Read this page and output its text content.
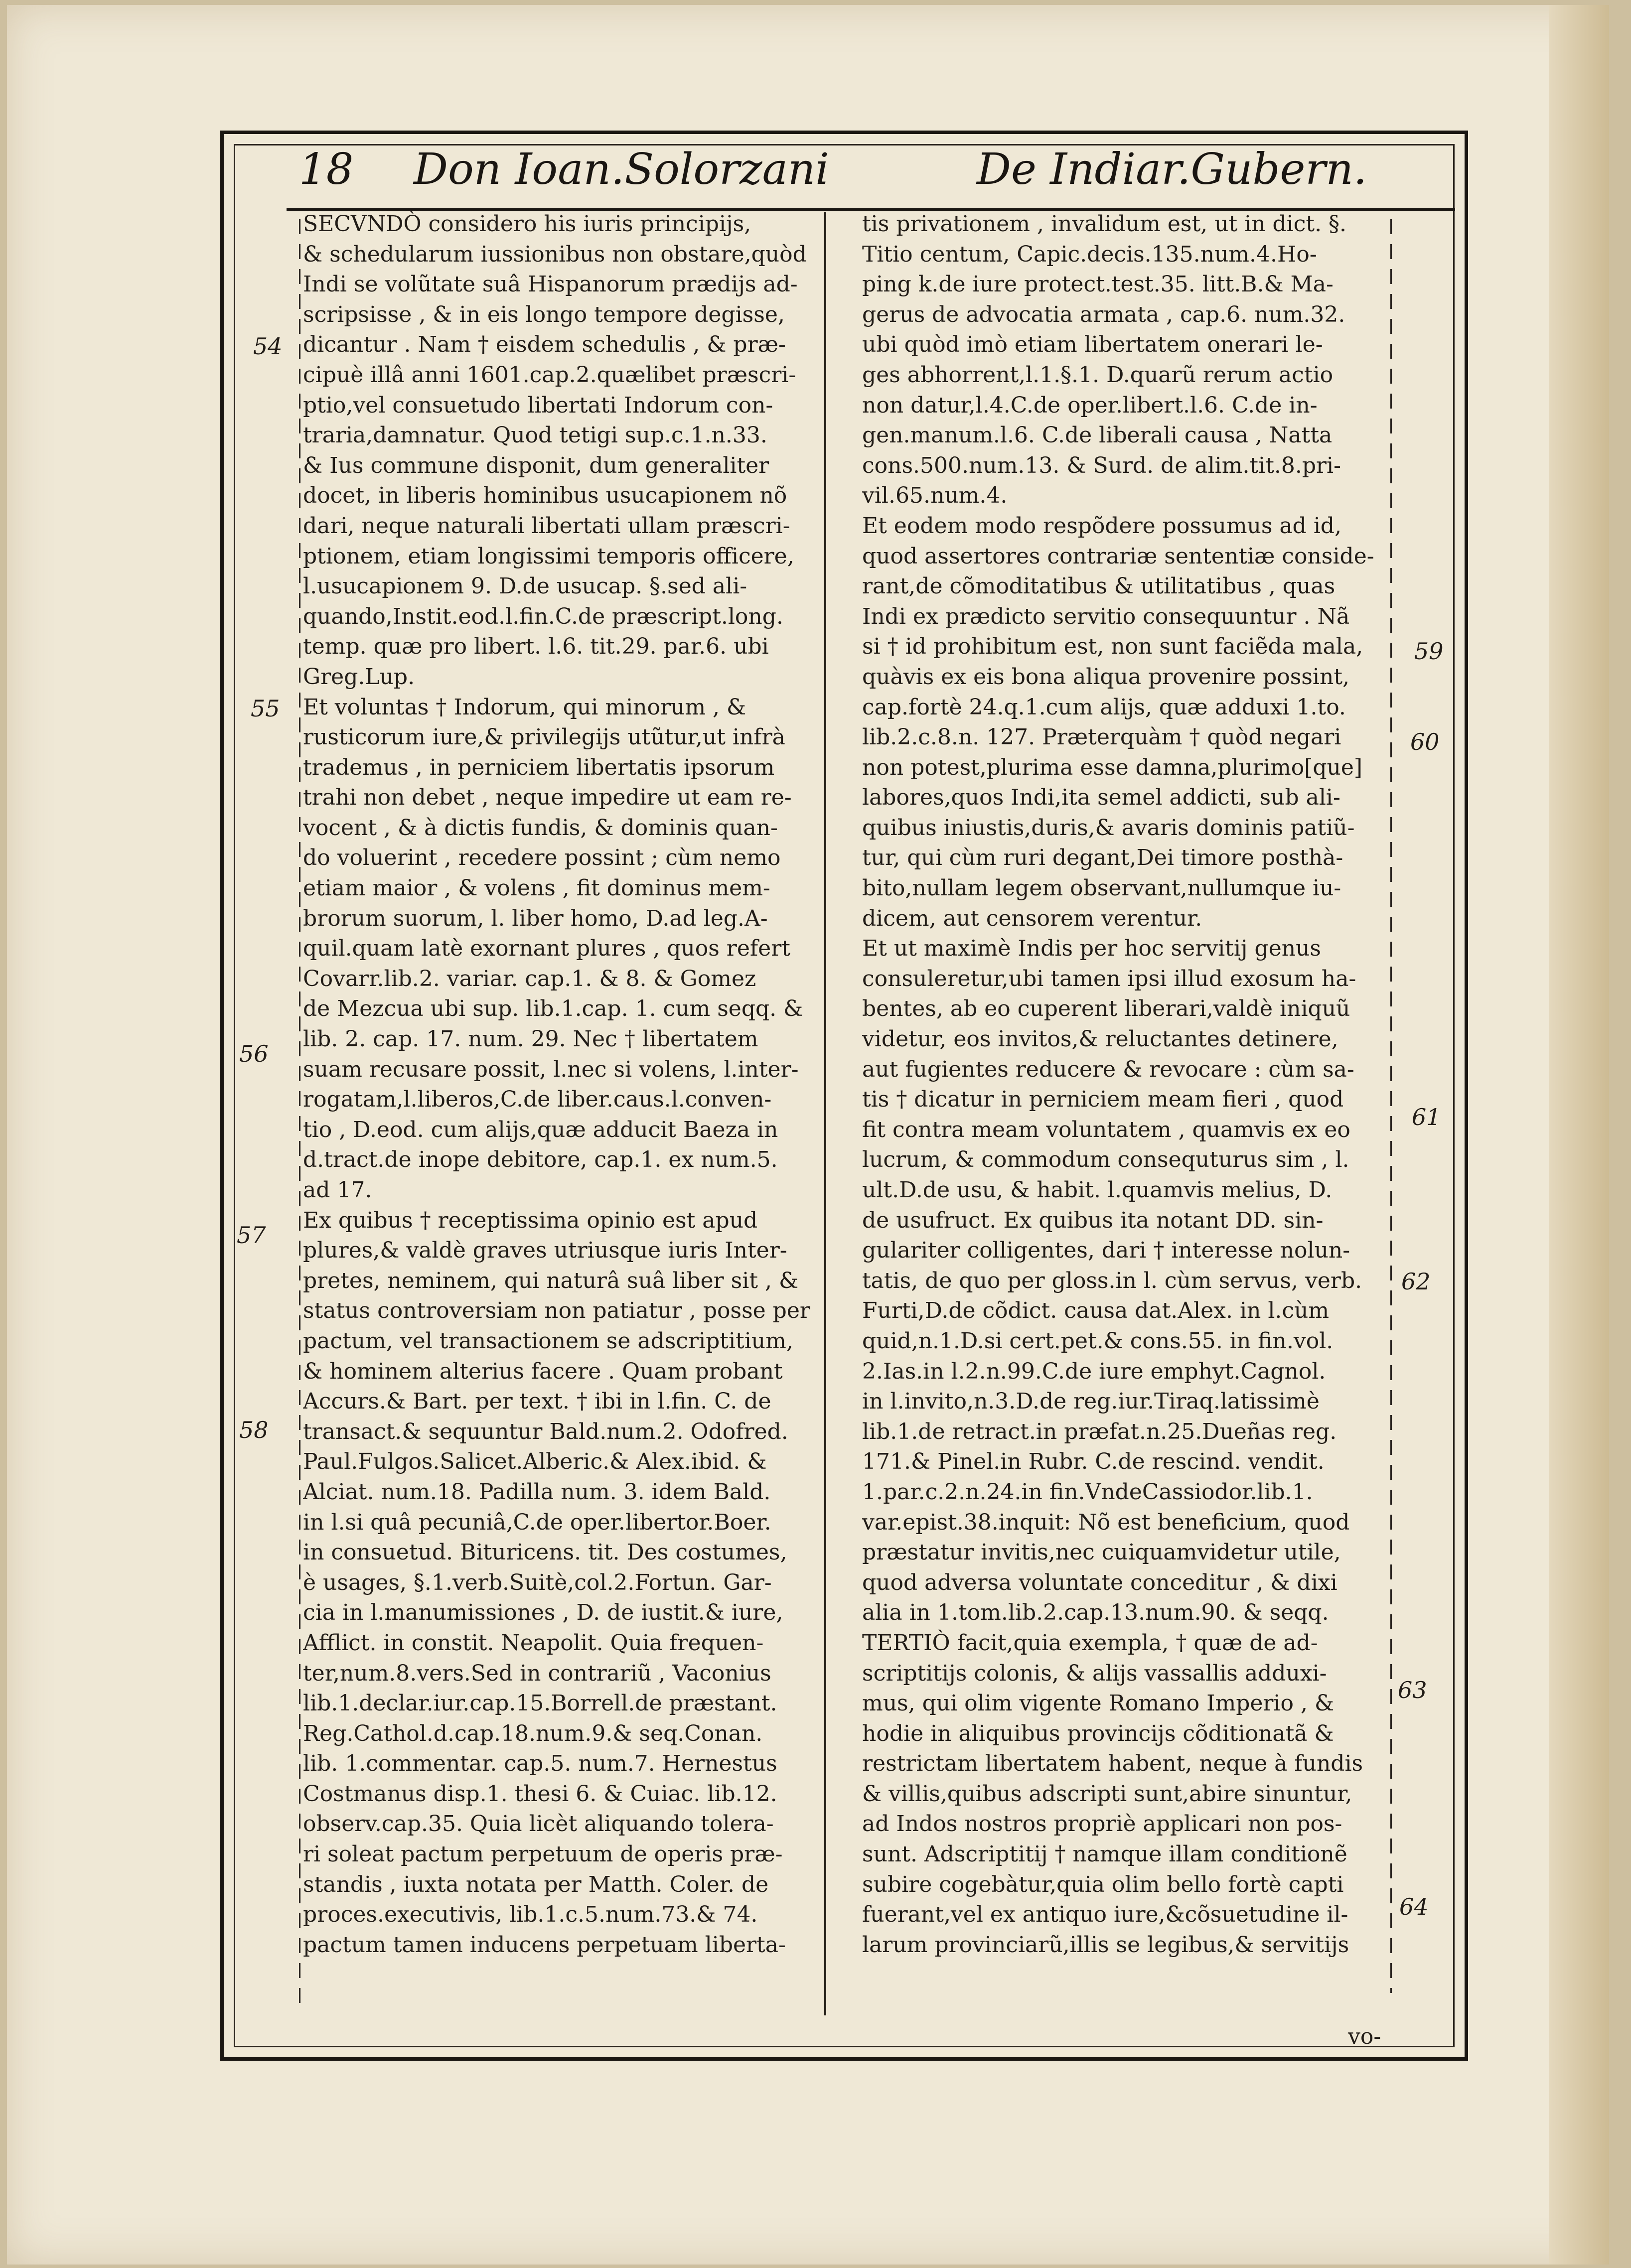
18 Don Ioan.Solorzani	De Indiar.Gubern.
SECVNDÒ considero his iuris principijs,
& schedularum iussionibus non obstare,quòd
Indi se volũtate suâ Hispanorum prædijs ad-
scripsisse , & in eis longo tempore degisse,
dicantur . Nam † eisdem schedulis , & præ-
cipuè illâ anni 1601.cap.2.quælibet præscri-
ptio,vel consuetudo libertati Indorum con-
traria,damnatur. Quod tetigi sup.c.1.n.33.
& Ius commune disponit, dum generaliter
docet, in liberis hominibus usucapionem nõ
dari, neque naturali libertati ullam præscri-
ptionem, etiam longissimi temporis officere,
l.usucapionem 9. D.de usucap. §.sed ali-
quando,Instit.eod.l.fin.C.de præscript.long.
temp. quæ pro libert. l.6. tit.29. par.6. ubi
Greg.Lup.
Et voluntas † Indorum, qui minorum , &
rusticorum iure,& privilegijs utũtur,ut infrà
trademus , in perniciem libertatis ipsorum
trahi non debet , neque impedire ut eam re-
vocent , & à dictis fundis, & dominis quan-
do voluerint , recedere possint ; cùm nemo
etiam maior , & volens , fit dominus mem-
brorum suorum, l. liber homo, D.ad leg.A-
quil.quam latè exornant plures , quos refert
Covarr.lib.2. variar. cap.1. & 8. & Gomez
de Mezcua ubi sup. lib.1.cap. 1. cum seqq. &
lib. 2. cap. 17. num. 29. Nec † libertatem
suam recusare possit, l.nec si volens, l.inter-
rogatam,l.liberos,C.de liber.caus.l.conven-
tio , D.eod. cum alijs,quæ adducit Baeza in
d.tract.de inope debitore, cap.1. ex num.5.
ad 17.
Ex quibus † receptissima opinio est apud
plures,& valdè graves utriusque iuris Inter-
pretes, neminem, qui naturâ suâ liber sit , &
status controversiam non patiatur , posse per
pactum, vel transactionem se adscriptitium,
& hominem alterius facere . Quam probant
Accurs.& Bart. per text. † ibi in l.fin. C. de
transact.& sequuntur Bald.num.2. Odofred.
Paul.Fulgos.Salicet.Alberic.& Alex.ibid. &
Alciat. num.18. Padilla num. 3. idem Bald.
in l.si quâ pecuniâ,C.de oper.libertor.Boer.
in consuetud. Bituricens. tit. Des costumes,
è usages, §.1.verb.Suitè,col.2.Fortun. Gar-
cia in l.manumissiones , D. de iustit.& iure,
Afflict. in constit. Neapolit. Quia frequen-
ter,num.8.vers.Sed in contrariũ , Vaconius
lib.1.declar.iur.cap.15.Borrell.de præstant.
Reg.Cathol.d.cap.18.num.9.& seq.Conan.
lib. 1.commentar. cap.5. num.7. Hernestus
Costmanus disp.1. thesi 6. & Cuiac. lib.12.
observ.cap.35. Quia licèt aliquando tolera-
ri soleat pactum perpetuum de operis præ-
standis , iuxta notata per Matth. Coler. de
proces.executivis, lib.1.c.5.num.73.& 74.
pactum tamen inducens perpetuam liberta-
tis privationem , invalidum est, ut in dict. §.
Titio centum, Capic.decis.135.num.4.Ho-
ping k.de iure protect.test.35. litt.B.& Ma-
gerus de advocatia armata , cap.6. num.32.
ubi quòd imò etiam libertatem onerari le-
ges abhorrent,l.1.§.1. D.quarũ rerum actio
non datur,l.4.C.de oper.libert.l.6. C.de in-
gen.manum.l.6. C.de liberali causa , Natta
cons.500.num.13. & Surd. de alim.tit.8.pri-
vil.65.num.4.
Et eodem modo respõdere possumus ad id,
quod assertores contrariæ sententiæ conside-
rant,de cõmoditatibus & utilitatibus , quas
Indi ex prædicto servitio consequuntur . Nã
si † id prohibitum est, non sunt faciẽda mala,
quàvis ex eis bona aliqua provenire possint,
cap.fortè 24.q.1.cum alijs, quæ adduxi 1.to.
lib.2.c.8.n. 127. Præterquàm † quòd negari
non potest,plurima esse damna,plurimo[que]
labores,quos Indi,ita semel addicti, sub ali-
quibus iniustis,duris,& avaris dominis patiũ-
tur, qui cùm ruri degant,Dei timore posthà-
bito,nullam legem observant,nullumque iu-
dicem, aut censorem verentur.
Et ut maximè Indis per hoc servitij genus
consuleretur,ubi tamen ipsi illud exosum ha-
bentes, ab eo cuperent liberari,valdè iniquũ
videtur, eos invitos,& reluctantes detinere,
aut fugientes reducere & revocare : cùm sa-
tis † dicatur in perniciem meam fieri , quod
fit contra meam voluntatem , quamvis ex eo
lucrum, & commodum consequturus sim , l.
ult.D.de usu, & habit. l.quamvis melius, D.
de usufruct. Ex quibus ita notant DD. sin-
gulariter colligentes, dari † interesse nolun-
tatis, de quo per gloss.in l. cùm servus, verb.
Furti,D.de cõdict. causa dat.Alex. in l.cùm
quid,n.1.D.si cert.pet.& cons.55. in fin.vol.
2.Ias.in l.2.n.99.C.de iure emphyt.Cagnol.
in l.invito,n.3.D.de reg.iur.Tiraq.latissimè
lib.1.de retract.in præfat.n.25.Dueñas reg.
171.& Pinel.in Rubr. C.de rescind. vendit.
1.par.c.2.n.24.in fin.VndeCassiodor.lib.1.
var.epist.38.inquit: Nõ est beneficium, quod
præstatur invitis,nec cuiquamvidetur utile,
quod adversa voluntate conceditur , & dixi
alia in 1.tom.lib.2.cap.13.num.90. & seqq.
TERTIÒ facit,quia exempla, † quæ de ad-
scriptitijs colonis, & alijs vassallis adduxi-
mus, qui olim vigente Romano Imperio , &
hodie in aliquibus provincijs cõditionatã &
restrictam libertatem habent, neque à fundis
& villis,quibus adscripti sunt,abire sinuntur,
ad Indos nostros propriè applicari non pos-
sunt. Adscriptitij † namque illam conditionẽ
subire cogebàtur,quia olim bello fortè capti
fuerant,vel ex antiquo iure,&cõsuetudine il-
larum provinciarũ,illis se legibus,& servitijs
54
55
56
57
58
59
60
61
62
63
64
vo-
